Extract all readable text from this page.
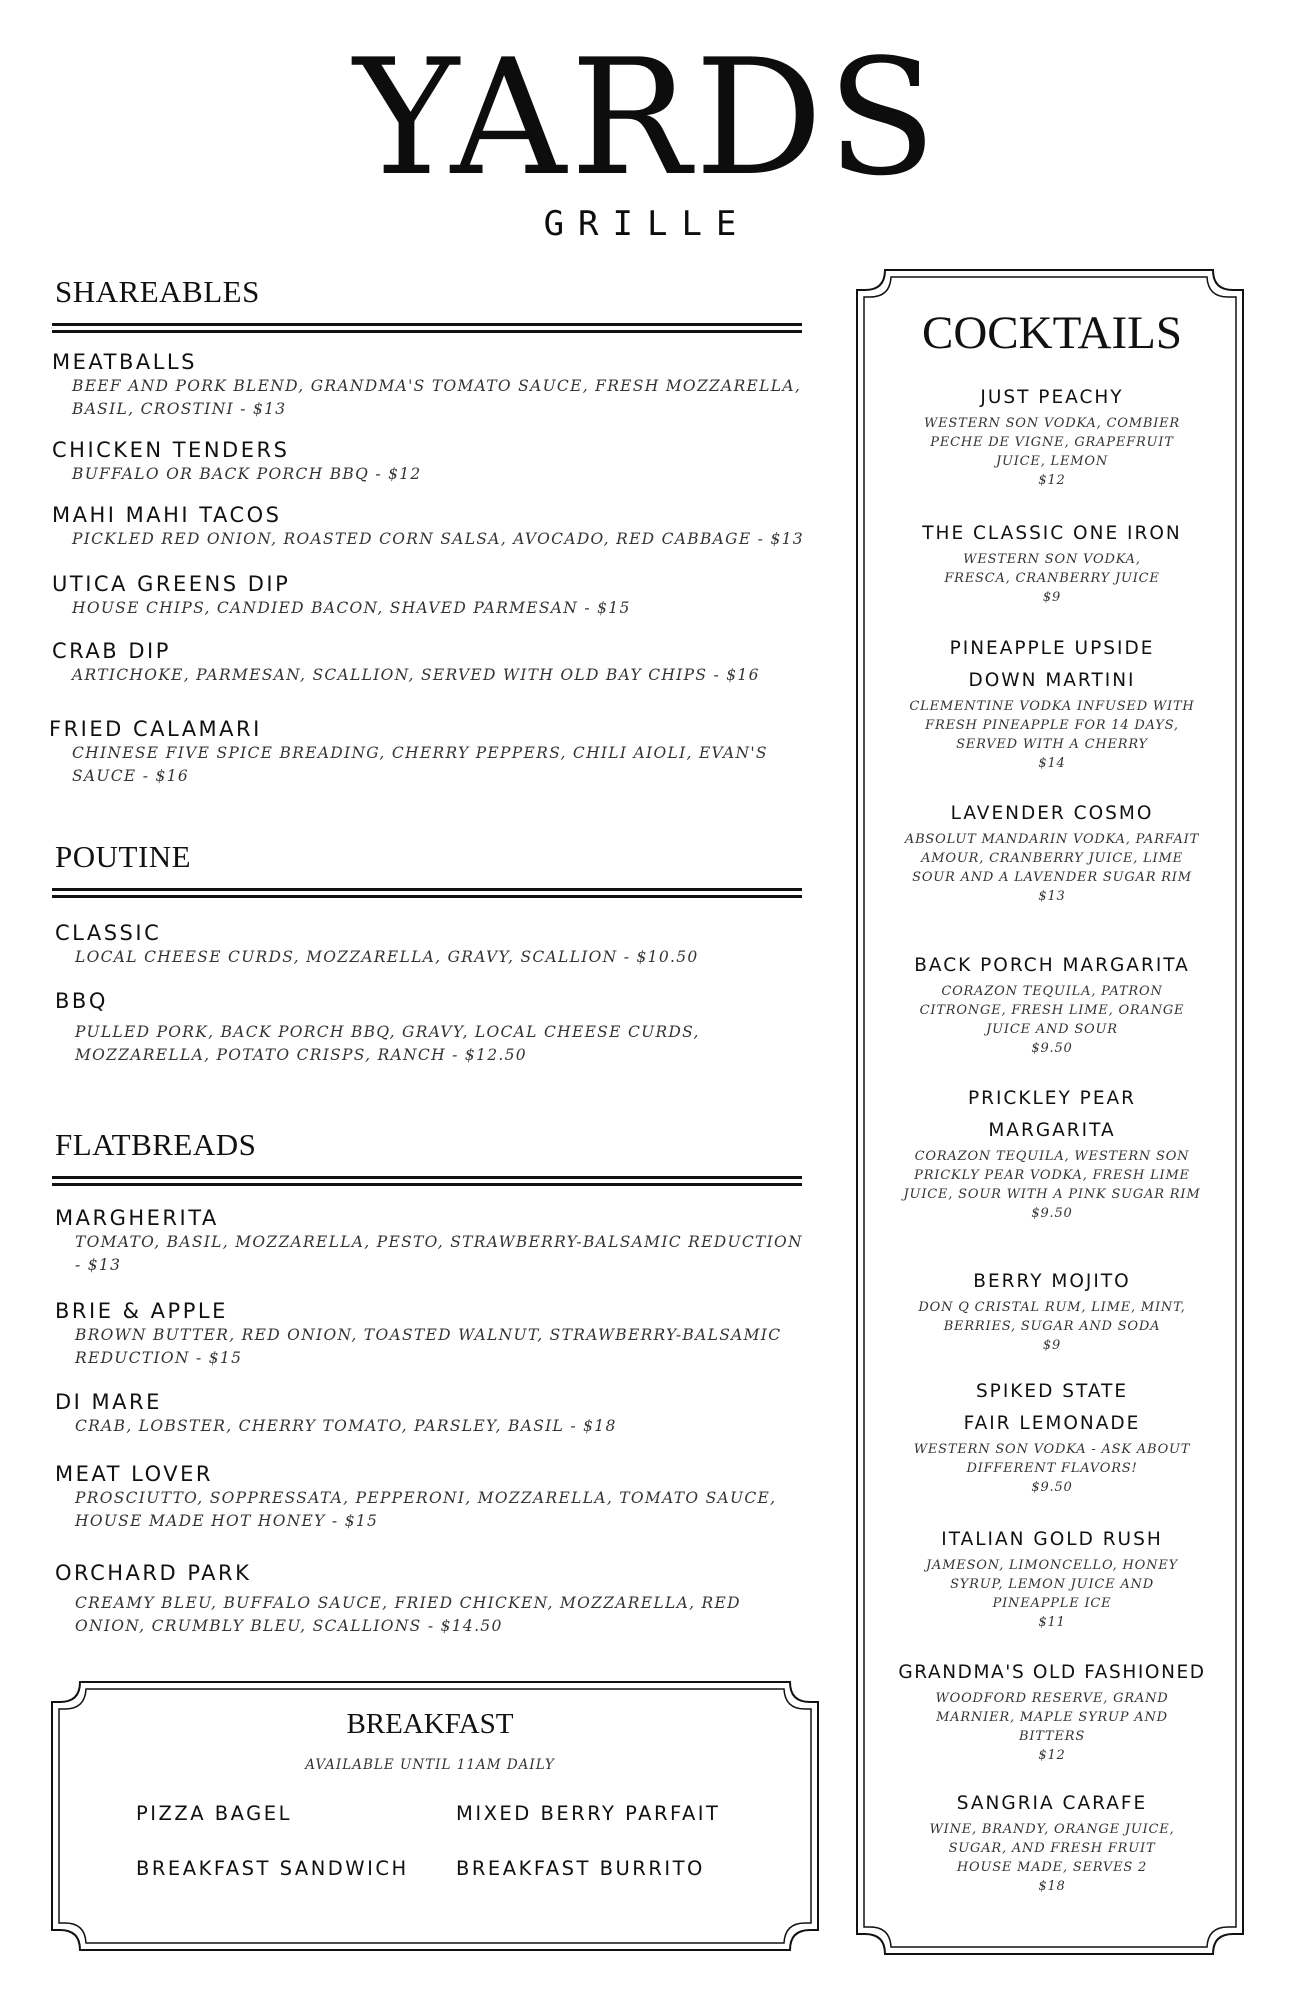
YARDS
GRILLE
SHAREABLES
MEATBALLS
BEEF AND PORK BLEND, GRANDMA'S TOMATO SAUCE, FRESH MOZZARELLA, BASIL, CROSTINI - $13
CHICKEN TENDERS
BUFFALO OR BACK PORCH BBQ - $12
MAHI MAHI TACOS
PICKLED RED ONION, ROASTED CORN SALSA, AVOCADO, RED CABBAGE - $13
UTICA GREENS DIP
HOUSE CHIPS, CANDIED BACON, SHAVED PARMESAN - $15
CRAB DIP
ARTICHOKE, PARMESAN, SCALLION, SERVED WITH OLD BAY CHIPS - $16
FRIED CALAMARI
CHINESE FIVE SPICE BREADING, CHERRY PEPPERS, CHILI AIOLI, EVAN'S SAUCE - $16
POUTINE
CLASSIC
LOCAL CHEESE CURDS, MOZZARELLA, GRAVY, SCALLION - $10.50
BBQ
PULLED PORK, BACK PORCH BBQ, GRAVY, LOCAL CHEESE CURDS, MOZZARELLA, POTATO CRISPS, RANCH - $12.50
FLATBREADS
MARGHERITA
TOMATO, BASIL, MOZZARELLA, PESTO, STRAWBERRY-BALSAMIC REDUCTION - $13
BRIE & APPLE
BROWN BUTTER, RED ONION, TOASTED WALNUT, STRAWBERRY-BALSAMIC REDUCTION - $15
DI MARE
CRAB, LOBSTER, CHERRY TOMATO, PARSLEY, BASIL - $18
MEAT LOVER
PROSCIUTTO, SOPPRESSATA, PEPPERONI, MOZZARELLA, TOMATO SAUCE, HOUSE MADE HOT HONEY - $15
ORCHARD PARK
CREAMY BLEU, BUFFALO SAUCE, FRIED CHICKEN, MOZZARELLA, RED ONION, CRUMBLY BLEU, SCALLIONS - $14.50
BREAKFAST
AVAILABLE UNTIL 11AM DAILY
PIZZA BAGEL	MIXED BERRY PARFAIT
BREAKFAST SANDWICH BREAKFAST BURRITO
COCKTAILS
JUST PEACHY
WESTERN SON VODKA, COMBIER PECHE DE VIGNE, GRAPEFRUIT JUICE, LEMON
$12
THE CLASSIC ONE IRON
WESTERN SON VODKA, FRESCA, CRANBERRY JUICE
$9
PINEAPPLE UPSIDE DOWN MARTINI
CLEMENTINE VODKA INFUSED WITH FRESH PINEAPPLE FOR 14 DAYS, SERVED WITH A CHERRY
$14
LAVENDER COSMO
ABSOLUT MANDARIN VODKA, PARFAIT AMOUR, CRANBERRY JUICE, LIME SOUR AND A LAVENDER SUGAR RIM
$13
BACK PORCH MARGARITA
CORAZON TEQUILA, PATRON CITRONGE, FRESH LIME, ORANGE JUICE AND SOUR
$9.50
PRICKLEY PEAR MARGARITA
CORAZON TEQUILA, WESTERN SON PRICKLY PEAR VODKA, FRESH LIME JUICE, SOUR WITH A PINK SUGAR RIM
$9.50
BERRY MOJITO
DON Q CRISTAL RUM, LIME, MINT, BERRIES, SUGAR AND SODA
$9
SPIKED STATE FAIR LEMONADE
WESTERN SON VODKA - ASK ABOUT DIFFERENT FLAVORS!
$9.50
ITALIAN GOLD RUSH
JAMESON, LIMONCELLO, HONEY SYRUP, LEMON JUICE AND PINEAPPLE ICE
$11
GRANDMA'S OLD FASHIONED
WOODFORD RESERVE, GRAND MARNIER, MAPLE SYRUP AND BITTERS
$12
SANGRIA CARAFE
WINE, BRANDY, ORANGE JUICE, SUGAR, AND FRESH FRUIT HOUSE MADE, SERVES 2
$18
